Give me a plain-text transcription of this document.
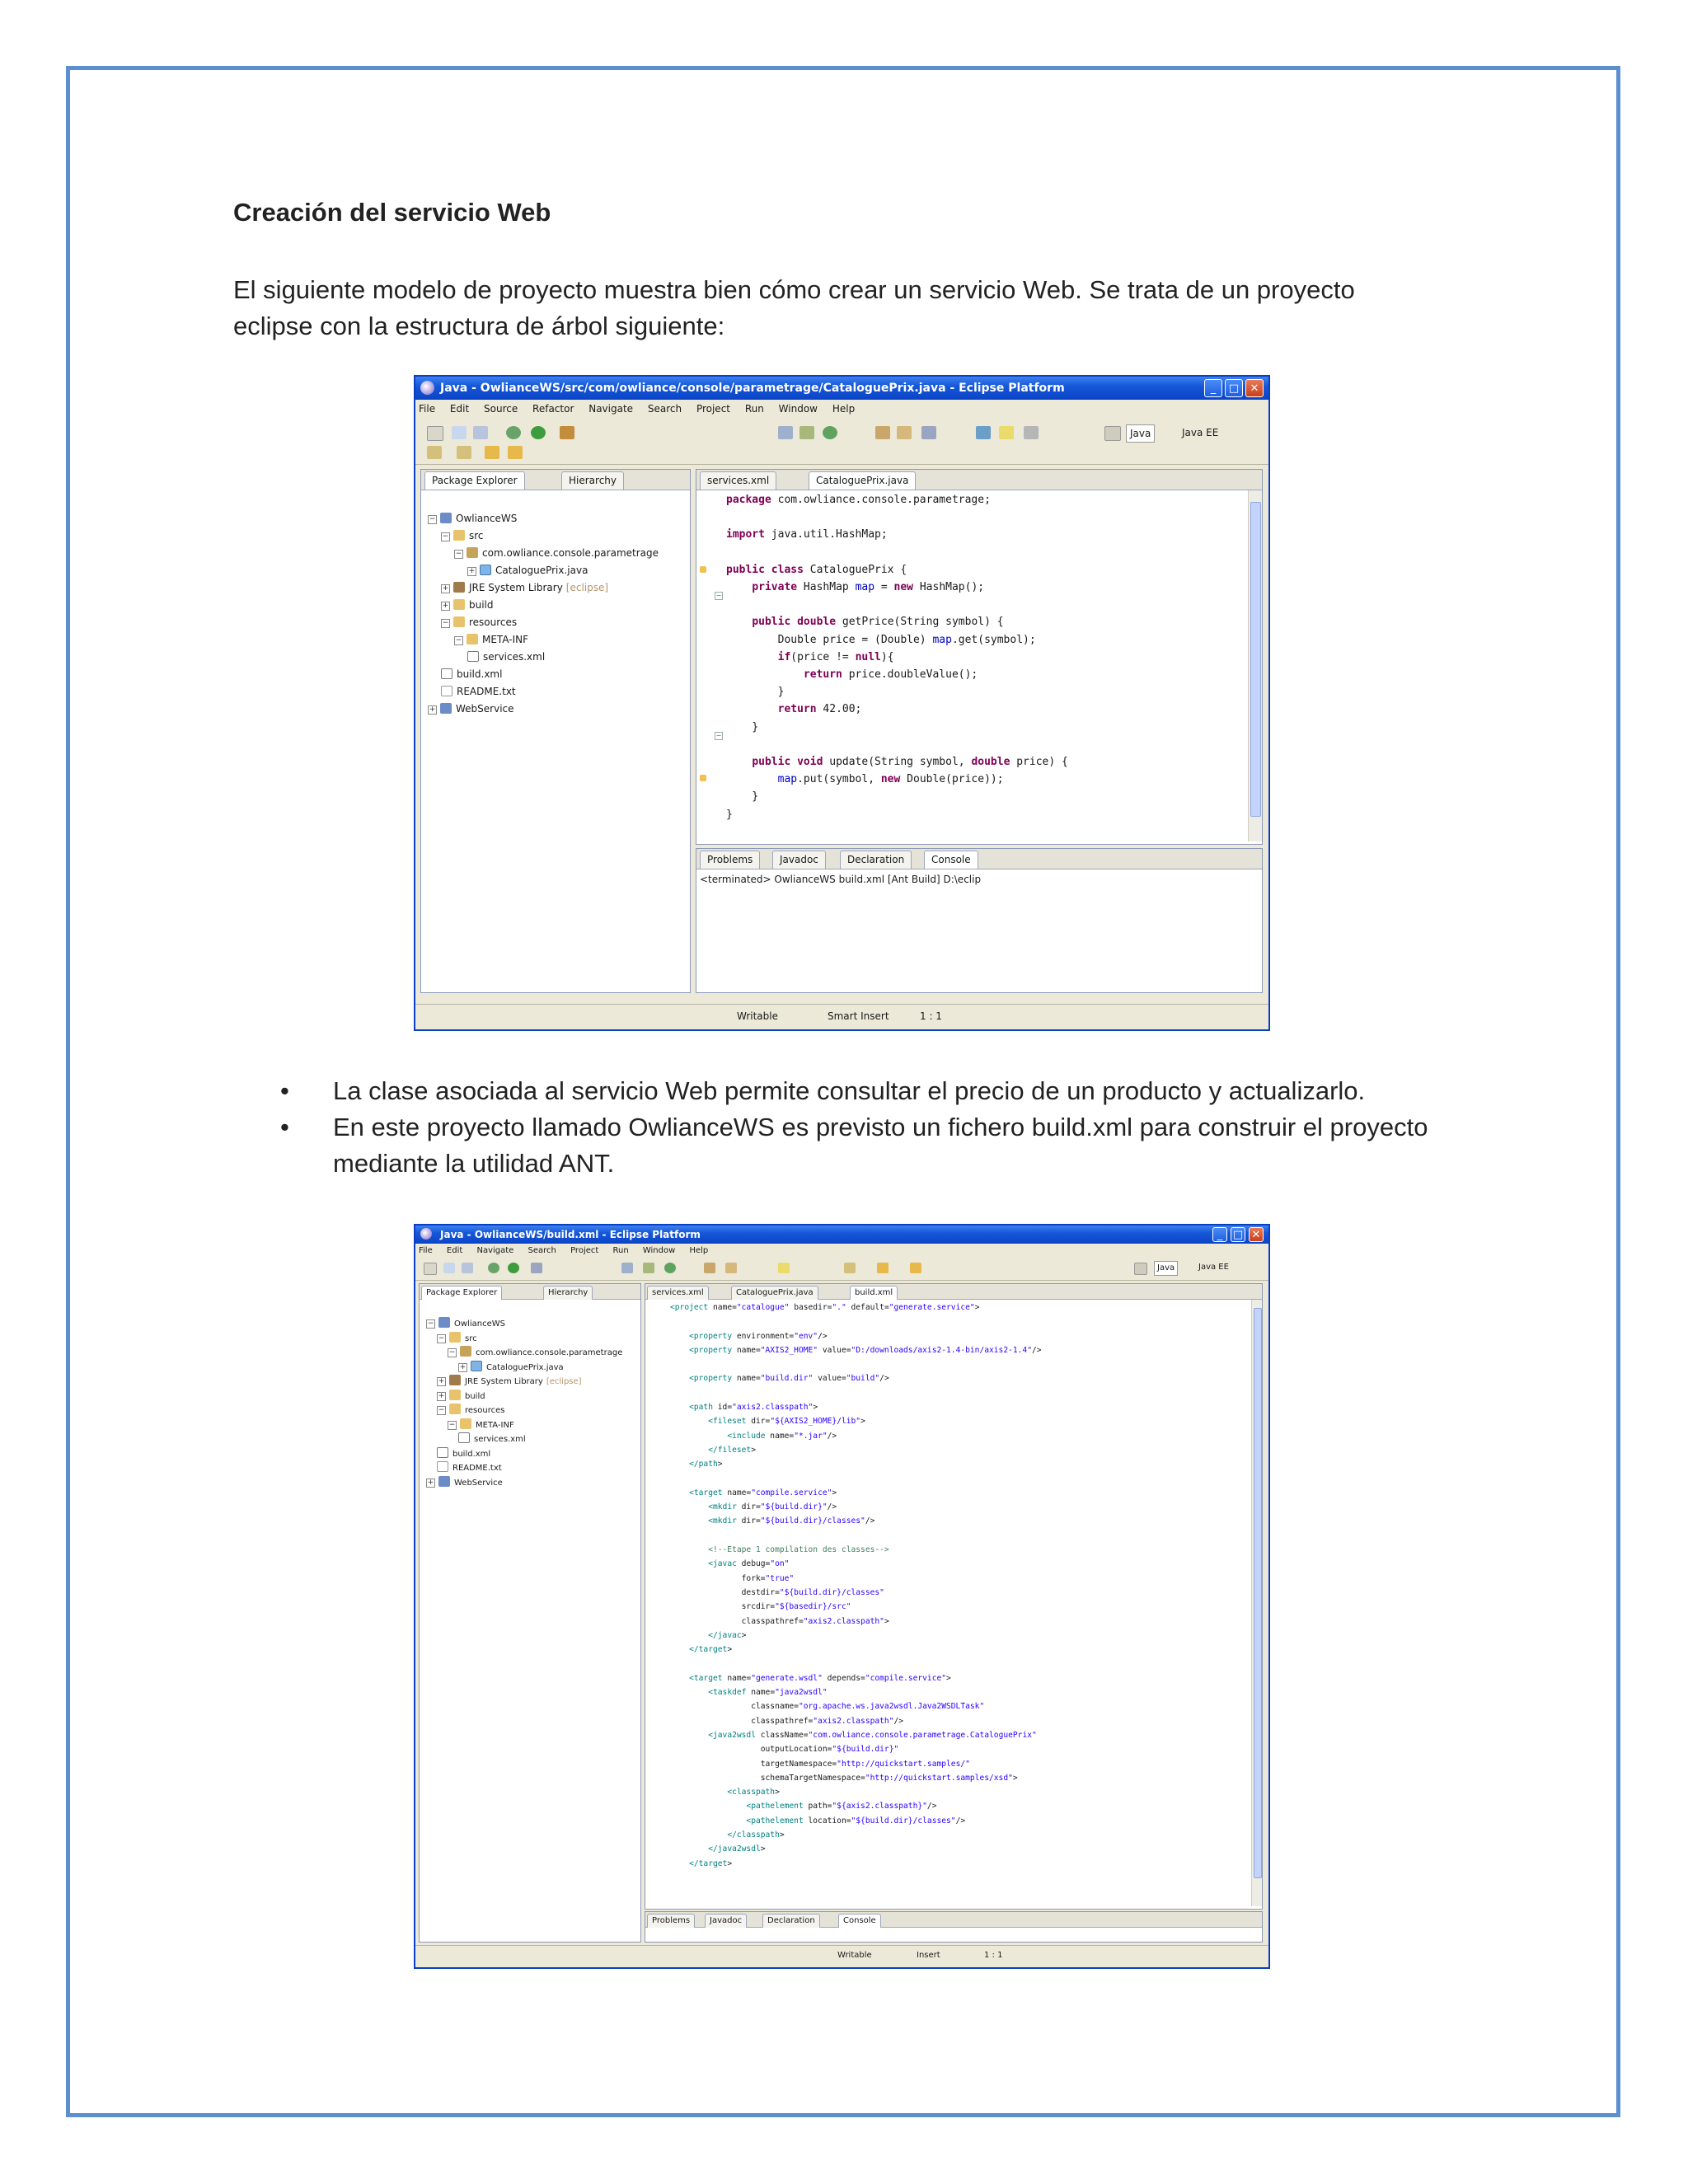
Creación del servicio Web
El siguiente modelo de proyecto muestra bien cómo crear un servicio Web. Se trata de un proyecto eclipse con la estructura de árbol siguiente:
Java - OwlianceWS/src/com/owliance/console/parametrage/CataloguePrix.java - Eclipse Platform	_	□	✕
File Edit Source Refactor Navigate Search Project Run Window Help
Java	Java EE
Package Explorer	Hierarchy
− OwlianceWS
− src
− com.owliance.console.parametrage
+ CataloguePrix.java
+ JRE System Library [eclipse]
+ build
− resources
− META-INF
services.xml
build.xml
README.txt
+ WebService
services.xml	CataloguePrix.java
package com.owliance.console.parametrage;

import java.util.HashMap;

public class CataloguePrix {
private HashMap map = new HashMap();

public double getPrice(String symbol) {
Double price = (Double) map.get(symbol);
if(price != null){
return price.doubleValue();
}
return 42.00;
}

public void update(String symbol, double price) {
map.put(symbol, new Double(price));
}
}
−
−
Problems	Javadoc	Declaration	Console
<terminated> OwlianceWS build.xml [Ant Build] D:\eclip
Writable	Smart Insert	1 : 1
• La clase asociada al servicio Web permite consultar el precio de un producto y actualizarlo.
• En este proyecto llamado OwlianceWS es previsto un fichero build.xml para construir el proyecto mediante la utilidad ANT.
Java - OwlianceWS/build.xml - Eclipse Platform	_ □ ✕
File Edit Navigate Search Project Run Window Help
Java	Java EE
Package Explorer	Hierarchy
− OwlianceWS
− src
− com.owliance.console.parametrage
+ CataloguePrix.java
+ JRE System Library [eclipse]
+ build
− resources
− META-INF
services.xml
build.xml
README.txt
+ WebService
services.xml	CataloguePrix.java	build.xml
<project name="catalogue" basedir="." default="generate.service">

<property environment="env"/>
<property name="AXIS2_HOME" value="D:/downloads/axis2-1.4-bin/axis2-1.4"/>

<property name="build.dir" value="build"/>

<path id="axis2.classpath">
<fileset dir="${AXIS2_HOME}/lib">
<include name="*.jar"/>
</fileset>
</path>

<target name="compile.service">
<mkdir dir="${build.dir}"/>
<mkdir dir="${build.dir}/classes"/>

<!--Etape 1 compilation des classes-->
<javac debug="on"
fork="true"
destdir="${build.dir}/classes"
srcdir="${basedir}/src"
classpathref="axis2.classpath">
</javac>
</target>

<target name="generate.wsdl" depends="compile.service">
<taskdef name="java2wsdl"
classname="org.apache.ws.java2wsdl.Java2WSDLTask"
classpathref="axis2.classpath"/>
<java2wsdl className="com.owliance.console.parametrage.CataloguePrix"
outputLocation="${build.dir}"
targetNamespace="http://quickstart.samples/"
schemaTargetNamespace="http://quickstart.samples/xsd">
<classpath>
<pathelement path="${axis2.classpath}"/>
<pathelement location="${build.dir}/classes"/>
</classpath>
</java2wsdl>
</target>
Problems	Javadoc	Declaration	Console
Writable	Insert	1 : 1
